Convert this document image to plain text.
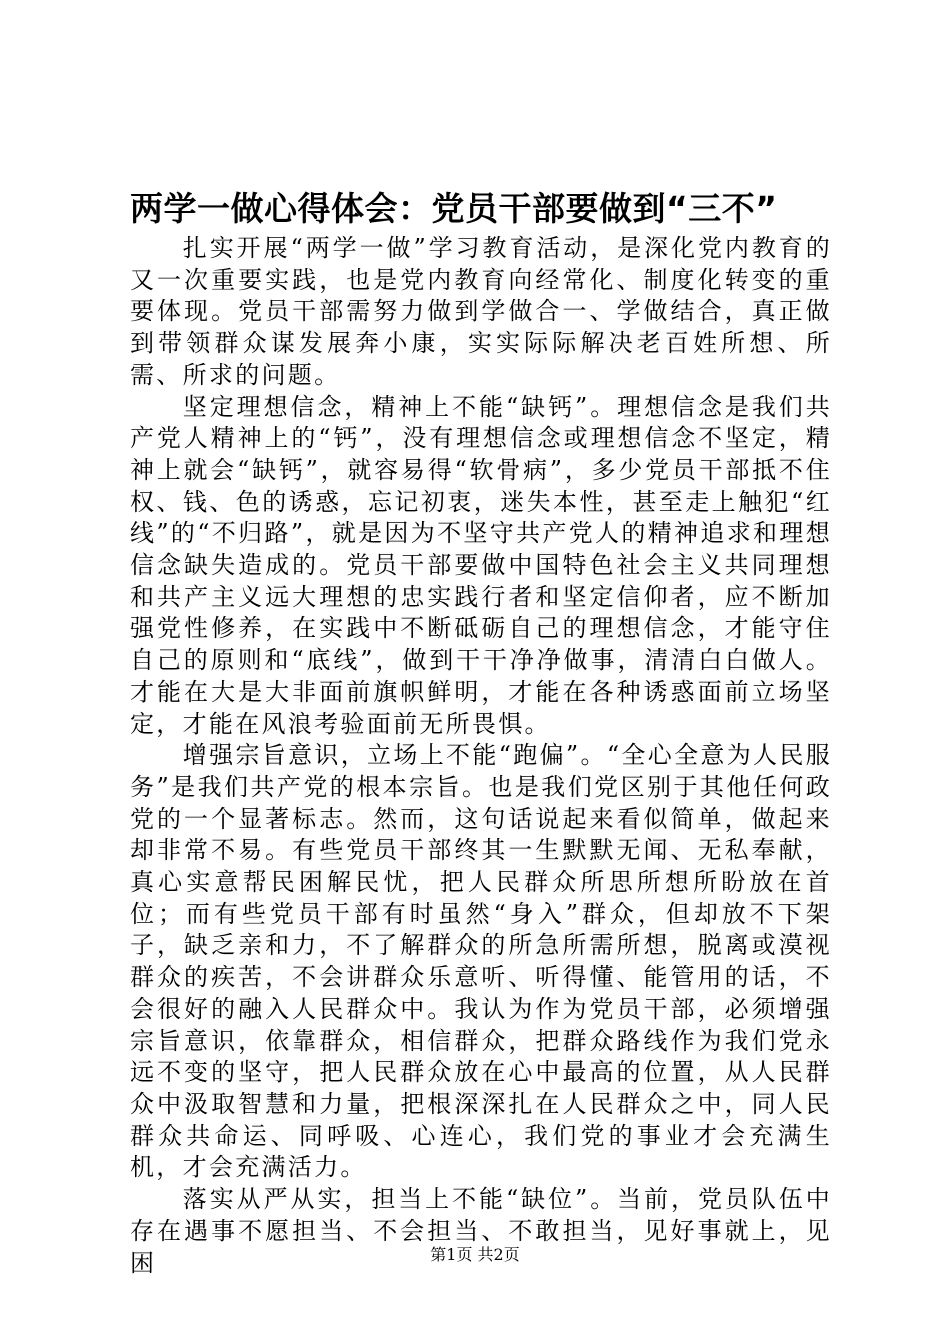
两学一做心得体会：党员干部要做到“三不”

扎实开展“两学一做”学习教育活动，是深化党内教育的又一次重要实践，也是党内教育向经常化、制度化转变的重要体现。党员干部需努力做到学做合一、学做结合，真正做到带领群众谋发展奔小康，实实际际解决老百姓所想、所需、所求的问题。

坚定理想信念，精神上不能“缺钙”。理想信念是我们共产党人精神上的“钙”，没有理想信念或理想信念不坚定，精神上就会“缺钙”，就容易得“软骨病”，多少党员干部抵不住权、钱、色的诱惑，忘记初衷，迷失本性，甚至走上触犯“红线”的“不归路”，就是因为不坚守共产党人的精神追求和理想信念缺失造成的。党员干部要做中国特色社会主义共同理想和共产主义远大理想的忠实践行者和坚定信仰者，应不断加强党性修养，在实践中不断砥砺自己的理想信念，才能守住自己的原则和“底线”，做到干干净净做事，清清白白做人。才能在大是大非面前旗帜鲜明，才能在各种诱惑面前立场坚定，才能在风浪考验面前无所畏惧。

增强宗旨意识，立场上不能“跑偏”。“全心全意为人民服务”是我们共产党的根本宗旨。也是我们党区别于其他任何政党的一个显著标志。然而，这句话说起来看似简单，做起来却非常不易。有些党员干部终其一生默默无闻、无私奉献，真心实意帮民困解民忧，把人民群众所思所想所盼放在首位；而有些党员干部有时虽然“身入”群众，但却放不下架子，缺乏亲和力，不了解群众的所急所需所想，脱离或漠视群众的疾苦，不会讲群众乐意听、听得懂、能管用的话，不会很好的融入人民群众中。我认为作为党员干部，必须增强宗旨意识，依靠群众，相信群众，把群众路线作为我们党永远不变的坚守，把人民群众放在心中最高的位置，从人民群众中汲取智慧和力量，把根深深扎在人民群众之中，同人民群众共命运、同呼吸、心连心，我们党的事业才会充满生机，才会充满活力。

落实从严从实，担当上不能“缺位”。当前，党员队伍中存在遇事不愿担当、不会担当、不敢担当，见好事就上，见困	第1页 共2页
